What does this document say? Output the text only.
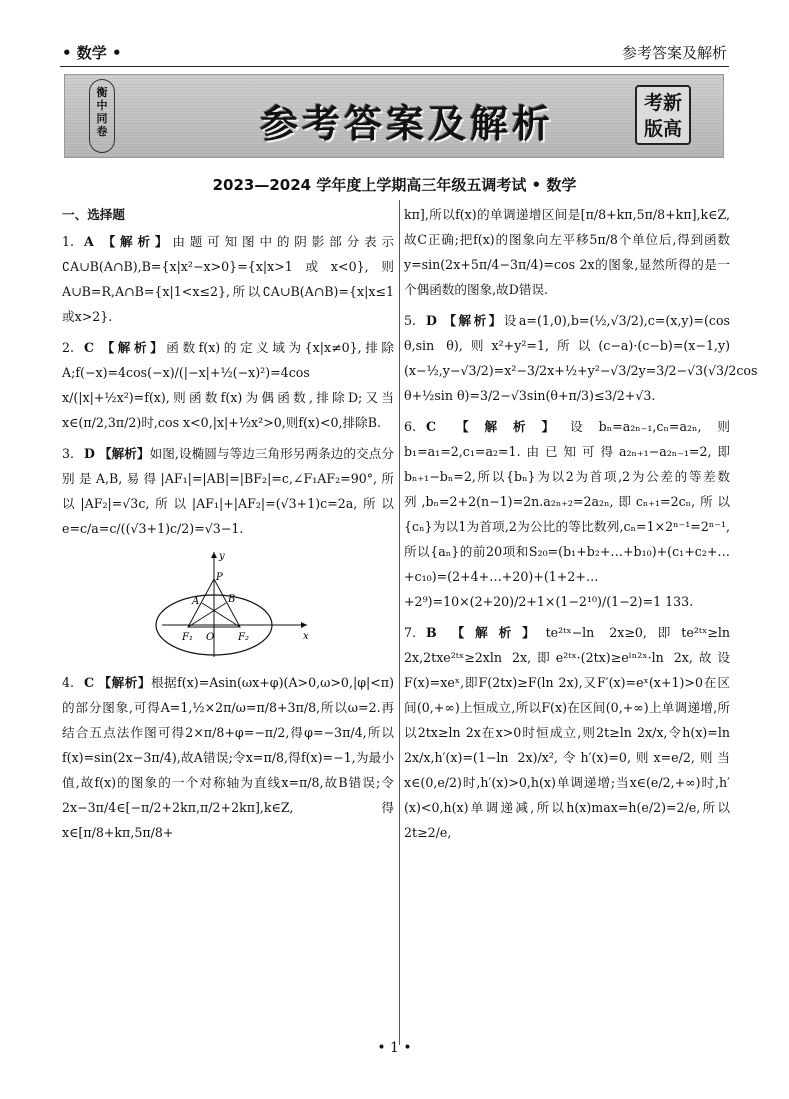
• 数学 •	参考答案及解析
衡
中
同
卷	参考答案及解析	考新
版高
2023—2024 学年度上学期高三年级五调考试 • 数学
一、选择题
1. A 【解析】由题可知图中的阴影部分表示∁A∪B(A∩B),B={x|x²−x>0}={x|x>1或x<0},则A∪B=R,A∩B={x|1<x≤2},所以∁A∪B(A∩B)={x|x≤1或x>2}.
2. C 【解析】函数f(x)的定义域为{x|x≠0},排除A;f(−x)=4cos(−x)/(|−x|+½(−x)²)=4cos x/(|x|+½x²)=f(x),则函数f(x)为偶函数,排除D;又当x∈(π/2,3π/2)时,cos x<0,|x|+½x²>0,则f(x)<0,排除B.
3. D 【解析】如图,设椭圆与等边三角形另两条边的交点分别是A,B,易得|AF₁|=|AB|=|BF₂|=c,∠F₁AF₂=90°,所以|AF₂|=√3c,所以|AF₁|+|AF₂|=(√3+1)c=2a,所以e=c/a=c/((√3+1)c/2)=√3−1.
y
x
P
A	B
F₁ O F₂
4. C 【解析】根据f(x)=Asin(ωx+φ)(A>0,ω>0,|φ|<π)的部分图象,可得A=1,½×2π/ω=π/8+3π/8,所以ω=2.再结合五点法作图可得2×π/8+φ=−π/2,得φ=−3π/4,所以f(x)=sin(2x−3π/4),故A错误;令x=π/8,得f(x)=−1,为最小值,故f(x)的图象的一个对称轴为直线x=π/8,故B错误;令2x−3π/4∈[−π/2+2kπ,π/2+2kπ],k∈Z,得x∈[π/8+kπ,5π/8+
kπ],所以f(x)的单调递增区间是[π/8+kπ,5π/8+kπ],k∈Z,故C正确;把f(x)的图象向左平移5π/8个单位后,得到函数y=sin(2x+5π/4−3π/4)=cos 2x的图象,显然所得的是一个偶函数的图象,故D错误.
5. D 【解析】设a=(1,0),b=(½,√3/2),c=(x,y)=(cos θ,sin θ),则x²+y²=1,所以(c−a)·(c−b)=(x−1,y)(x−½,y−√3/2)=x²−3/2x+½+y²−√3/2y=3/2−√3(√3/2cos θ+½sin θ)=3/2−√3sin(θ+π/3)≤3/2+√3.
6. C 【解析】设bₙ=a₂ₙ₋₁,cₙ=a₂ₙ,则b₁=a₁=2,c₁=a₂=1.由已知可得a₂ₙ₊₁−a₂ₙ₋₁=2,即bₙ₊₁−bₙ=2,所以{bₙ}为以2为首项,2为公差的等差数列,bₙ=2+2(n−1)=2n.a₂ₙ₊₂=2a₂ₙ,即cₙ₊₁=2cₙ,所以{cₙ}为以1为首项,2为公比的等比数列,cₙ=1×2ⁿ⁻¹=2ⁿ⁻¹,所以{aₙ}的前20项和S₂₀=(b₁+b₂+…+b₁₀)+(c₁+c₂+…+c₁₀)=(2+4+…+20)+(1+2+…+2⁹)=10×(2+20)/2+1×(1−2¹⁰)/(1−2)=1 133.
7. B 【解析】te²ᵗˣ−ln 2x≥0,即te²ᵗˣ≥ln 2x,2txe²ᵗˣ≥2xln 2x,即e²ᵗˣ·(2tx)≥eˡⁿ²ˣ·ln 2x,故设F(x)=xeˣ,即F(2tx)≥F(ln 2x),又F′(x)=eˣ(x+1)>0在区间(0,+∞)上恒成立,所以F(x)在区间(0,+∞)上单调递增,所以2tx≥ln 2x在x>0时恒成立,则2t≥ln 2x/x,令h(x)=ln 2x/x,h′(x)=(1−ln 2x)/x²,令h′(x)=0,则x=e/2,则当x∈(0,e/2)时,h′(x)>0,h(x)单调递增;当x∈(e/2,+∞)时,h′(x)<0,h(x)单调递减,所以h(x)max=h(e/2)=2/e,所以2t≥2/e,
• 1 •
